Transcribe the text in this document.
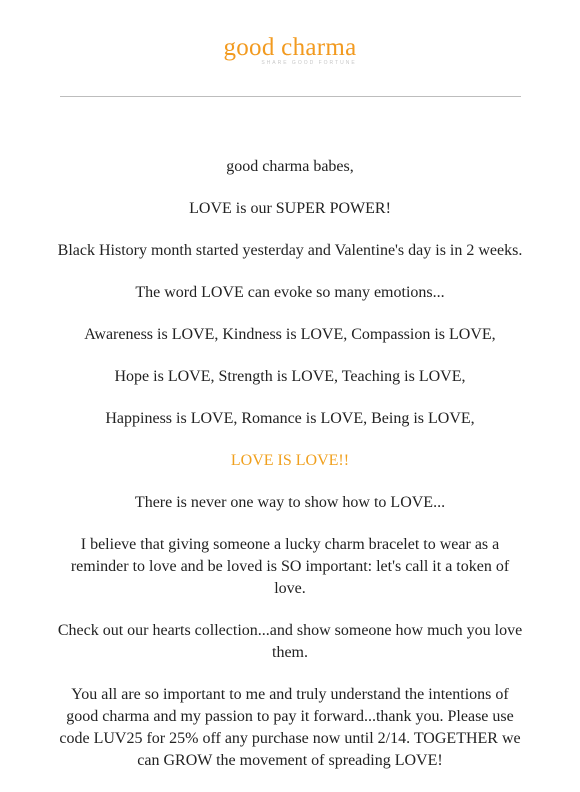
good charma
SHARE GOOD FORTUNE

good charma babes,

LOVE is our SUPER POWER!

Black History month started yesterday and Valentine's day is in 2 weeks.

The word LOVE can evoke so many emotions...

Awareness is LOVE, Kindness is LOVE, Compassion is LOVE,

Hope is LOVE, Strength is LOVE, Teaching is LOVE,

Happiness is LOVE, Romance is LOVE, Being is LOVE,

LOVE IS LOVE!!

There is never one way to show how to LOVE...

I believe that giving someone a lucky charm bracelet to wear as a reminder to love and be loved is SO important: let's call it a token of love.

Check out our hearts collection...and show someone how much you love them.

You all are so important to me and truly understand the intentions of good charma and my passion to pay it forward...thank you. Please use code LUV25 for 25% off any purchase now until 2/14. TOGETHER we can GROW the movement of spreading LOVE!
